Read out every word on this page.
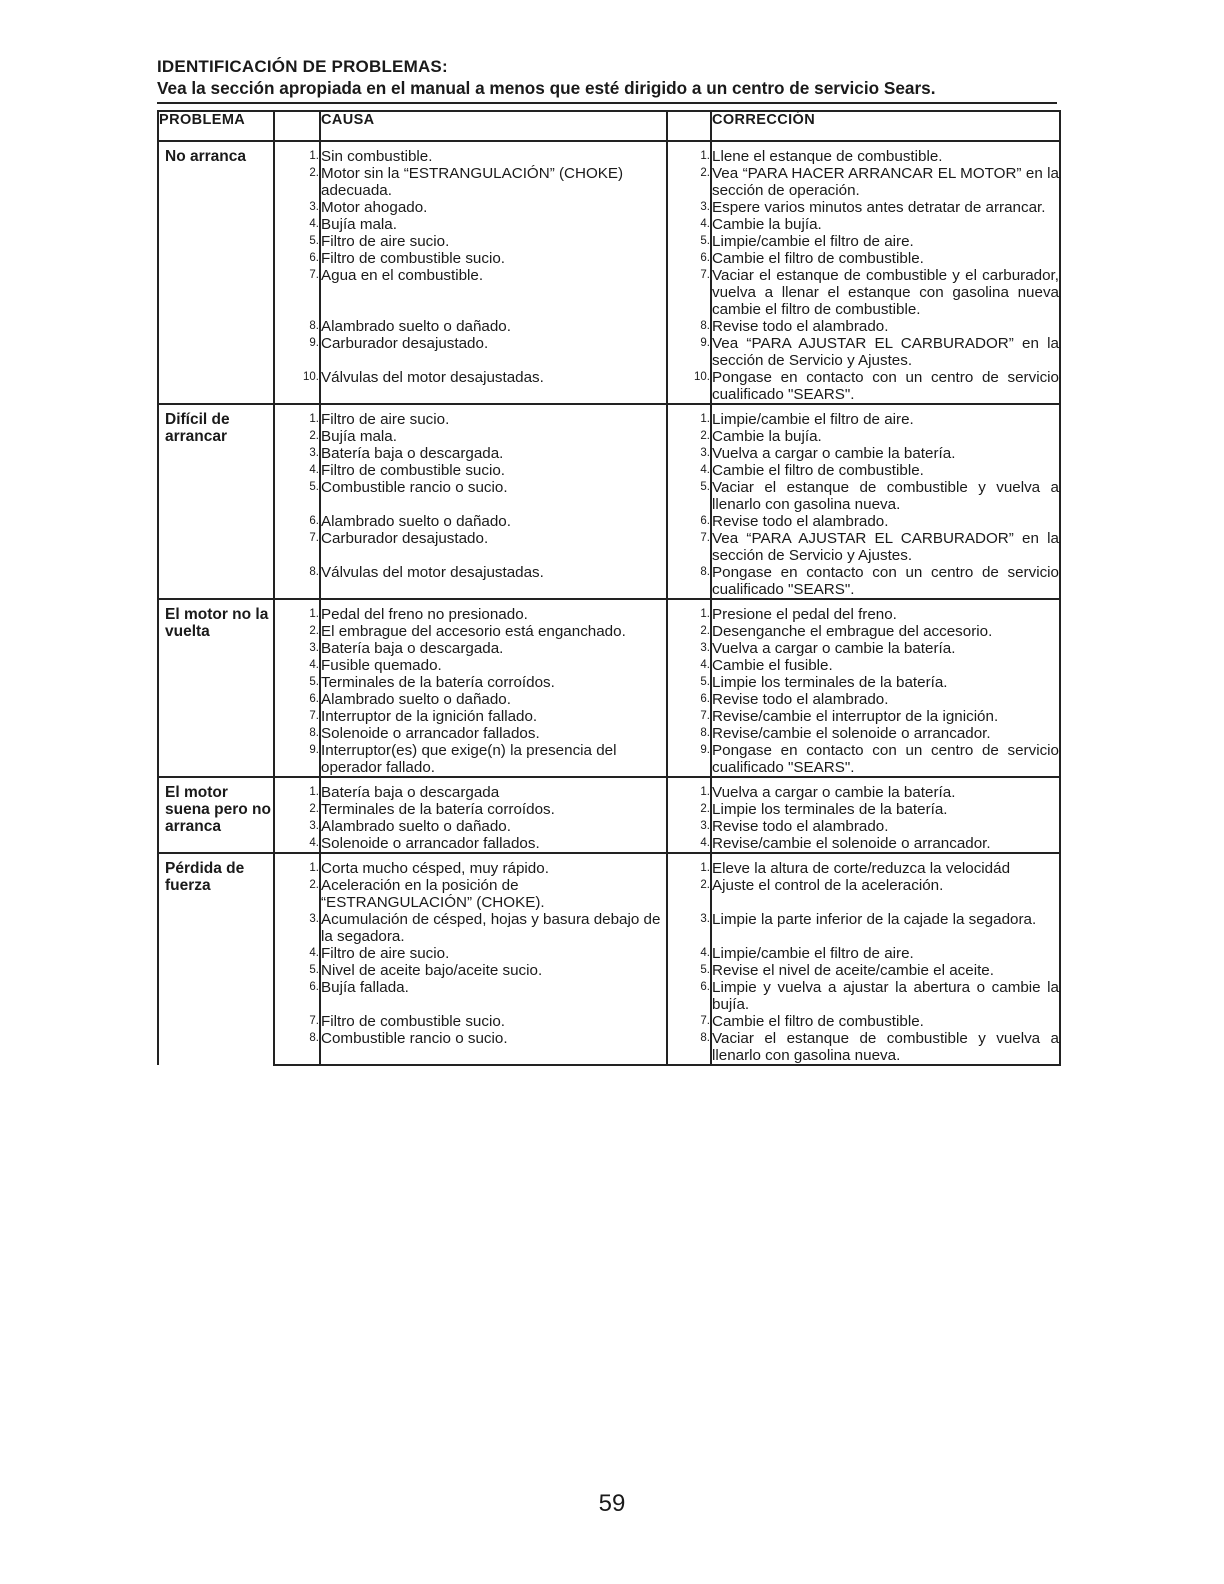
IDENTIFICACIÓN DE PROBLEMAS:
Vea la sección apropiada en el manual a menos que esté dirigido a un centro de servicio Sears.
PROBLEMA		CAUSA		CORRECCIÓN
No arranca	1.	Sin combustible.	1.	Llene el estanque de combustible.
	2.	Motor sin la “ESTRANGULACIÓN” (CHOKE) adecuada.	2.	Vea “PARA HACER ARRANCAR EL MOTOR” en la sección de operación.
	3.	Motor ahogado.	3.	Espere varios minutos antes detratar de arrancar.
	4.	Bujía mala.	4.	Cambie la bujía.
	5.	Filtro de aire sucio.	5.	Limpie/cambie el filtro de aire.
	6.	Filtro de combustible sucio.	6.	Cambie el filtro de combustible.
	7.	Agua en el combustible.	7.	Vaciar el estanque de combustible y el carburador, vuelva a llenar el estanque con gasolina nueva cambie el filtro de combustible.
	8.	Alambrado suelto o dañado.	8.	Revise todo el alambrado.
	9.	Carburador desajustado.	9.	Vea “PARA AJUSTAR EL CARBURADOR” en la sección de Servicio y Ajustes.
	10.	Válvulas del motor desajustadas.	10.	Pongase en contacto con un centro de servicio cualificado "SEARS".
Difícil de arrancar	1.	Filtro de aire sucio.	1.	Limpie/cambie el filtro de aire.
	2.	Bujía mala.	2.	Cambie la bujía.
	3.	Batería baja o descargada.	3.	Vuelva a cargar o cambie la batería.
	4.	Filtro de combustible sucio.	4.	Cambie el filtro de combustible.
	5.	Combustible rancio o sucio.	5.	Vaciar el estanque de combustible y vuelva a llenarlo con gasolina nueva.
	6.	Alambrado suelto o dañado.	6.	Revise todo el alambrado.
	7.	Carburador desajustado.	7.	Vea “PARA AJUSTAR EL CARBURADOR” en la sección de Servicio y Ajustes.
	8.	Válvulas del motor desajustadas.	8.	Pongase en contacto con un centro de servicio cualificado "SEARS".
El motor no la vuelta	1.	Pedal del freno no presionado.	1.	Presione el pedal del freno.
	2.	El embrague del accesorio está enganchado.	2.	Desenganche el embrague del accesorio.
	3.	Batería baja o descargada.	3.	Vuelva a cargar o cambie la batería.
	4.	Fusible quemado.	4.	Cambie el fusible.
	5.	Terminales de la batería corroídos.	5.	Limpie los terminales de la batería.
	6.	Alambrado suelto o dañado.	6.	Revise todo el alambrado.
	7.	Interruptor de la ignición fallado.	7.	Revise/cambie el interruptor de la ignición.
	8.	Solenoide o arrancador fallados.	8.	Revise/cambie el solenoide o arrancador.
	9.	Interruptor(es) que exige(n) la presencia del operador fallado.	9.	Pongase en contacto con un centro de servicio cualificado "SEARS".
El motor suena pero no arranca	1.	Batería baja o descargada	1.	Vuelva a cargar o cambie la batería.
	2.	Terminales de la batería corroídos.	2.	Limpie los terminales de la batería.
	3.	Alambrado suelto o dañado.	3.	Revise todo el alambrado.
	4.	Solenoide o arrancador fallados.	4.	Revise/cambie el solenoide o arrancador.
Pérdida de fuerza	1.	Corta mucho césped, muy rápido.	1.	Eleve la altura de corte/reduzca la velocidád
	2.	Aceleración en la posición de “ESTRANGULACIÓN” (CHOKE).	2.	Ajuste el control de la aceleración.
	3.	Acumulación de césped, hojas y basura debajo de la segadora.	3.	Limpie la parte inferior de la cajade la segadora.
	4.	Filtro de aire sucio.	4.	Limpie/cambie el filtro de aire.
	5.	Nivel de aceite bajo/aceite sucio.	5.	Revise el nivel de aceite/cambie el aceite.
	6.	Bujía fallada.	6.	Limpie y vuelva a ajustar la abertura o cambie la bujía.
	7.	Filtro de combustible sucio.	7.	Cambie el filtro de combustible.
	8.	Combustible rancio o sucio.	8.	Vaciar el estanque de combustible y vuelva a llenarlo con gasolina nueva.
59
